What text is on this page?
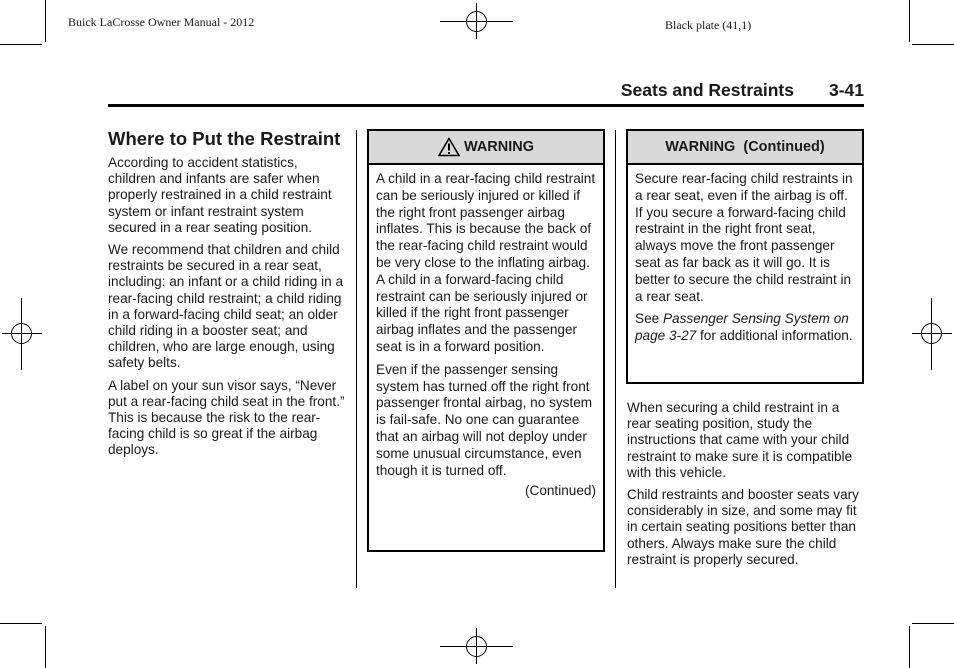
Buick LaCrosse Owner Manual - 2012	Black plate (41,1)
Seats and Restraints 3-41
Where to Put the Restraint

According to accident statistics, children and infants are safer when properly restrained in a child restraint system or infant restraint system secured in a rear seating position.

We recommend that children and child restraints be secured in a rear seat, including: an infant or a child riding in a rear-facing child restraint; a child riding in a forward-facing child seat; an older child riding in a booster seat; and children, who are large enough, using safety belts.

A label on your sun visor says, “Never put a rear-facing child seat in the front.” This is because the risk to the rear-facing child is so great if the airbag deploys.

WARNING

A child in a rear-facing child restraint can be seriously injured or killed if the right front passenger airbag inflates. This is because the back of the rear-facing child restraint would be very close to the inflating airbag. A child in a forward-facing child restraint can be seriously injured or killed if the right front passenger airbag inflates and the passenger seat is in a forward position.

Even if the passenger sensing system has turned off the right front passenger frontal airbag, no system is fail-safe. No one can guarantee that an airbag will not deploy under some unusual circumstance, even though it is turned off.

(Continued)
WARNING  (Continued)

Secure rear-facing child restraints in a rear seat, even if the airbag is off. If you secure a forward-facing child restraint in the right front seat, always move the front passenger seat as far back as it will go. It is better to secure the child restraint in a rear seat.

See Passenger Sensing System on page 3-27 for additional information.

When securing a child restraint in a rear seating position, study the instructions that came with your child restraint to make sure it is compatible with this vehicle.

Child restraints and booster seats vary considerably in size, and some may fit in certain seating positions better than others. Always make sure the child restraint is properly secured.
